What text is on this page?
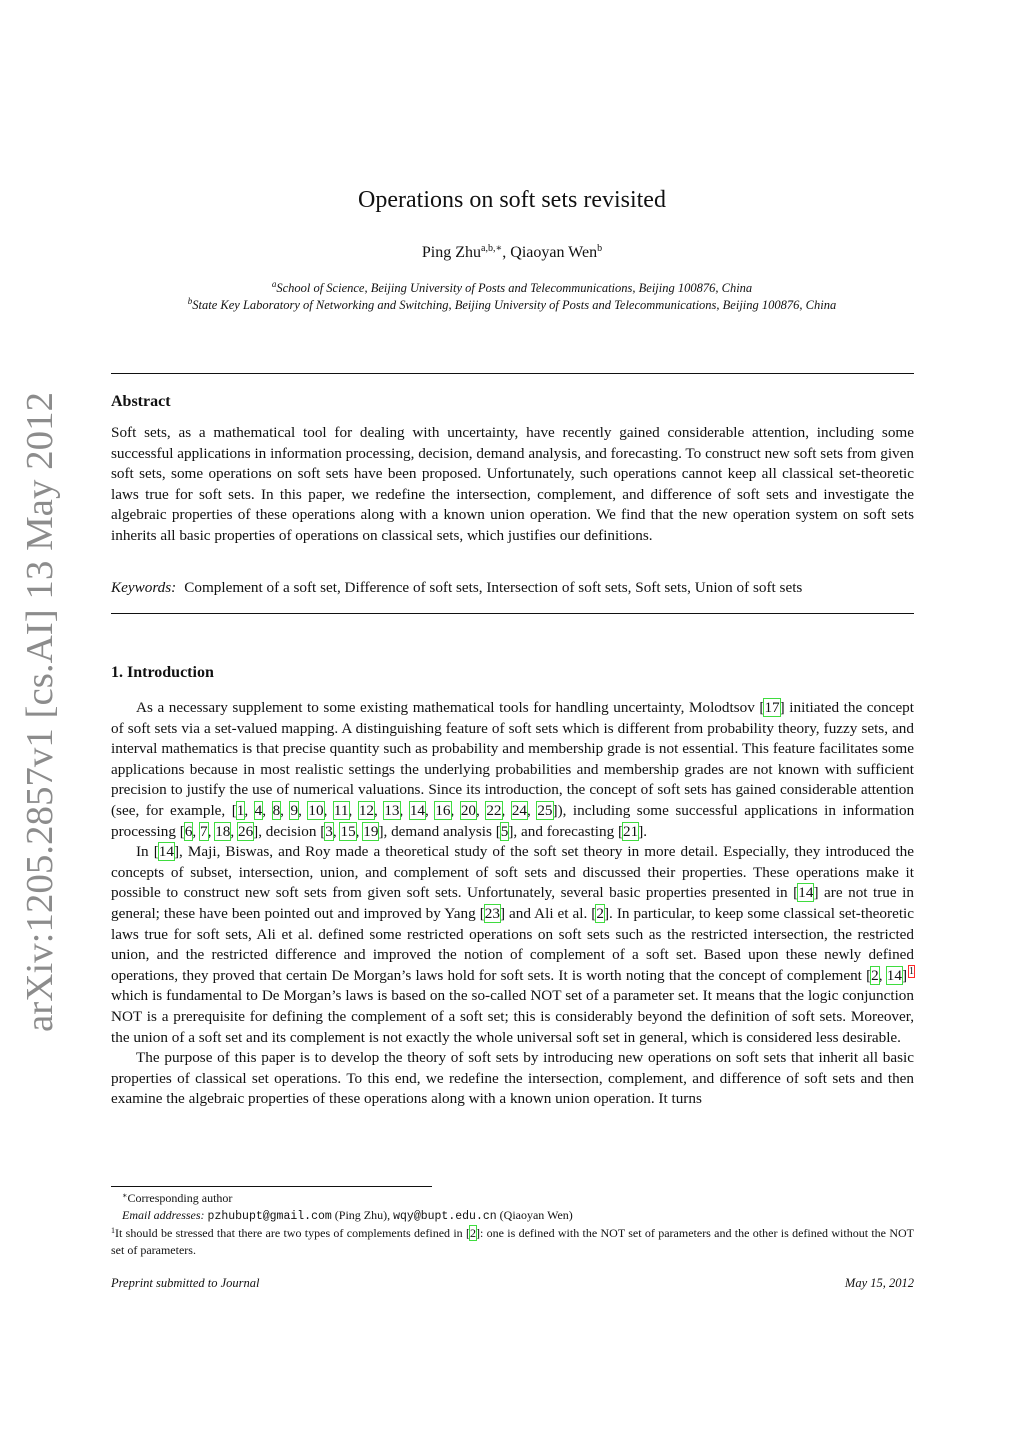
arXiv:1205.2857v1 [cs.AI] 13 May 2012
Operations on soft sets revisited
Ping Zhu$^{a,b,∗}$, Qiaoyan Wen$^b$
$^a$School of Science, Beijing University of Posts and Telecommunications, Beijing 100876, China
$^b$State Key Laboratory of Networking and Switching, Beijing University of Posts and Telecommunications, Beijing 100876, China
Abstract
Soft sets, as a mathematical tool for dealing with uncertainty, have recently gained considerable attention, including some successful applications in information processing, decision, demand analysis, and forecasting. To construct new soft sets from given soft sets, some operations on soft sets have been proposed. Unfortunately, such operations cannot keep all classical set-theoretic laws true for soft sets. In this paper, we redefine the intersection, complement, and difference of soft sets and investigate the algebraic properties of these operations along with a known union operation. We find that the new operation system on soft sets inherits all basic properties of operations on classical sets, which justifies our definitions.
Keywords: Complement of a soft set, Difference of soft sets, Intersection of soft sets, Soft sets, Union of soft sets
1. Introduction

As a necessary supplement to some existing mathematical tools for handling uncertainty, Molodtsov [17] initiated the concept of soft sets via a set-valued mapping. A distinguishing feature of soft sets which is different from probability theory, fuzzy sets, and interval mathematics is that precise quantity such as probability and membership grade is not essential. This feature facilitates some applications because in most realistic settings the underlying probabilities and membership grades are not known with sufficient precision to justify the use of numerical valuations. Since its introduction, the concept of soft sets has gained considerable attention (see, for example, [1, 4, 8, 9, 10, 11, 12, 13, 14, 16, 20, 22, 24, 25]), including some successful applications in information processing [6, 7, 18, 26], decision [3, 15, 19], demand analysis [5], and forecasting [21].

In [14], Maji, Biswas, and Roy made a theoretical study of the soft set theory in more detail. Especially, they introduced the concepts of subset, intersection, union, and complement of soft sets and discussed their properties. These operations make it possible to construct new soft sets from given soft sets. Unfortunately, several basic properties presented in [14] are not true in general; these have been pointed out and improved by Yang [23] and Ali et al. [2]. In particular, to keep some classical set-theoretic laws true for soft sets, Ali et al. defined some restricted operations on soft sets such as the restricted intersection, the restricted union, and the restricted difference and improved the notion of complement of a soft set. Based upon these newly defined operations, they proved that certain De Morgan’s laws hold for soft sets. It is worth noting that the concept of complement [2, 14] $^1$ which is fundamental to De Morgan’s laws is based on the so-called NOT set of a parameter set. It means that the logic conjunction NOT is a prerequisite for defining the complement of a soft set; this is considerably beyond the definition of soft sets. Moreover, the union of a soft set and its complement is not exactly the whole universal soft set in general, which is considered less desirable.

The purpose of this paper is to develop the theory of soft sets by introducing new operations on soft sets that inherit all basic properties of classical set operations. To this end, we redefine the intersection, complement, and difference of soft sets and then examine the algebraic properties of these operations along with a known union operation. It turns

∗Corresponding author
Email addresses: pzhubupt@gmail.com (Ping Zhu), wqy@bupt.edu.cn (Qiaoyan Wen)
$^1$It should be stressed that there are two types of complements defined in [2]: one is defined with the NOT set of parameters and the other is defined without the NOT set of parameters.
Preprint submitted to Journal	May 15, 2012
